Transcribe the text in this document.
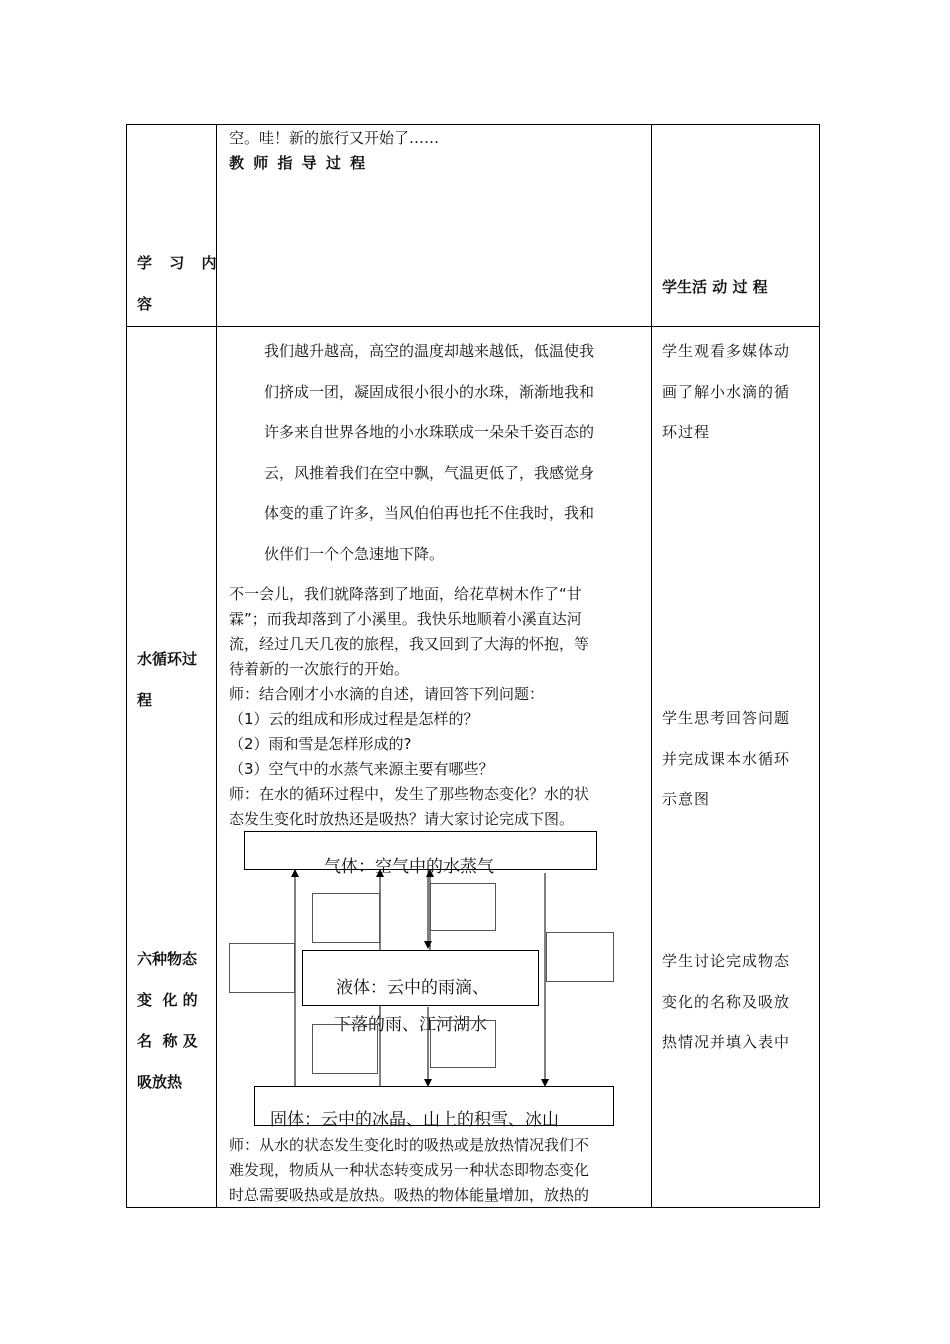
空。哇！新的旅行又开始了……
教 师 指 导 过 程
学 习 内
容
学生活 动 过 程
我们越升越高，高空的温度却越来越低，低温使我
们挤成一团，凝固成很小很小的水珠，渐渐地我和
许多来自世界各地的小水珠联成一朵朵千姿百态的
云，风推着我们在空中飘，气温更低了，我感觉身
体变的重了许多，当风伯伯再也托不住我时，我和
伙伴们一个个急速地下降。
不一会儿，我们就降落到了地面，给花草树木作了“甘
霖”；而我却落到了小溪里。我快乐地顺着小溪直达河
流，经过几天几夜的旅程，我又回到了大海的怀抱，等
待着新的一次旅行的开始。
师：结合刚才小水滴的自述，请回答下列问题：
（1）云的组成和形成过程是怎样的？
（2）雨和雪是怎样形成的?
（3）空气中的水蒸气来源主要有哪些？
师：在水的循环过程中，发生了那些物态变化？水的状
态发生变化时放热还是吸热？请大家讨论完成下图。
气体：空气中的水蒸气
液体：云中的雨滴、
下落的雨、江河湖水
固体：云中的冰晶、山上的积雪、冰山
师：从水的状态发生变化时的吸热或是放热情况我们不
难发现，物质从一种状态转变成另一种状态即物态变化
时总需要吸热或是放热。吸热的物体能量增加，放热的
水循环过
程
六种物态
变  化 的
名  称 及
吸放热
学生观看多媒体动
画了解小水滴的循
环过程
学生思考回答问题
并完成课本水循环
示意图
学生讨论完成物态
变化的名称及吸放
热情况并填入表中
